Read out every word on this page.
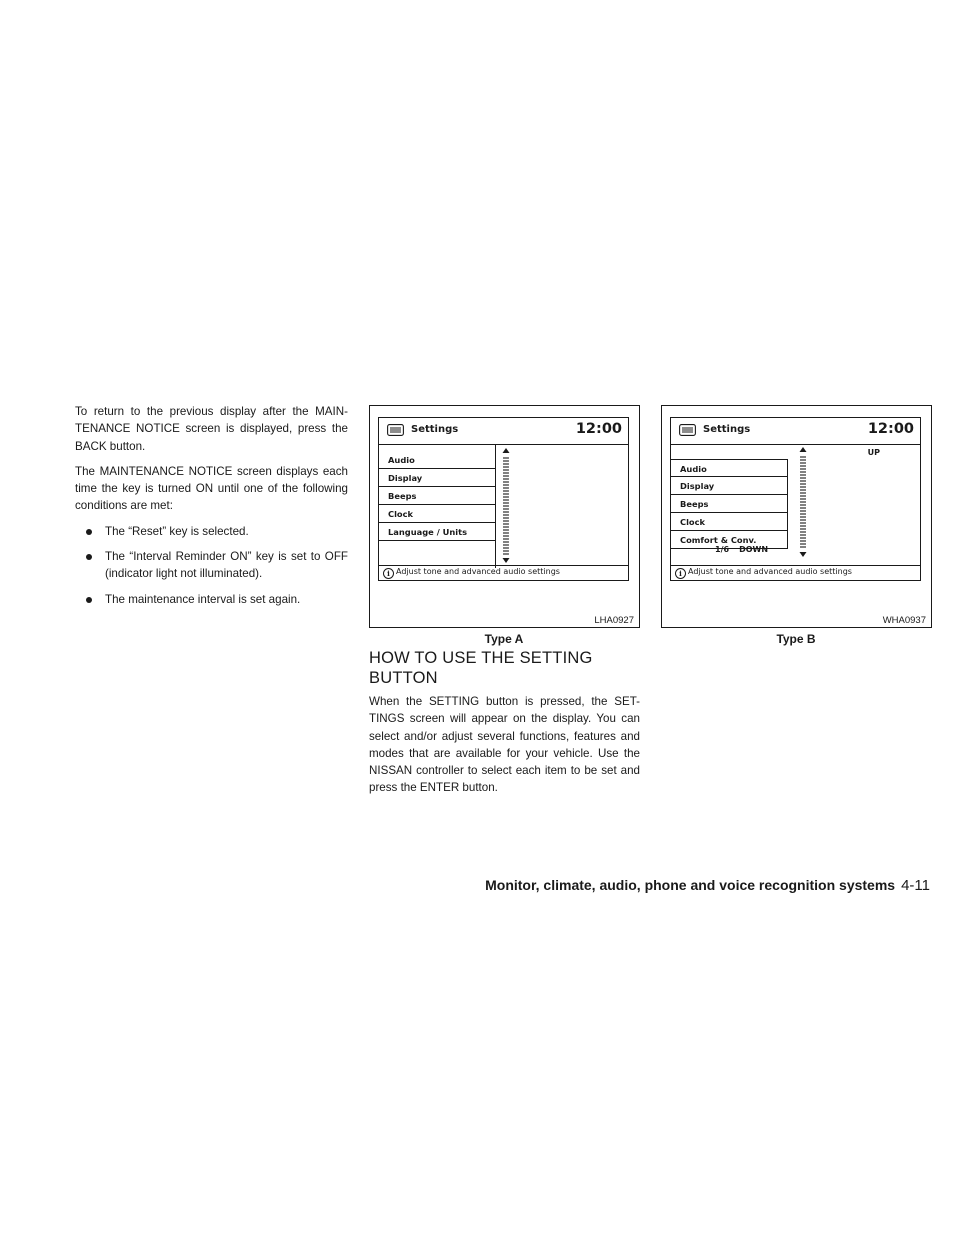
To return to the previous display after the MAIN-TENANCE NOTICE screen is displayed, press the BACK button.

The MAINTENANCE NOTICE screen displays each time the key is turned ON until one of the following conditions are met:

The “Reset” key is selected.
The “Interval Reminder ON” key is set to OFF (indicator light not illuminated).
The maintenance interval is set again.
Settings	12:00
Audio
Display
Beeps
Clock
Language / Units
i Adjust tone and advanced audio settings
LHA0927
Type A
Settings	12:00
UP
Audio
Display
Beeps
Clock
Comfort & Conv.
1/6 DOWN
i Adjust tone and advanced audio settings
WHA0937
Type B
HOW TO USE THE SETTING BUTTON

When the SETTING button is pressed, the SET-TINGS screen will appear on the display. You can select and/or adjust several functions, features and modes that are available for your vehicle. Use the NISSAN controller to select each item to be set and press the ENTER button.

Monitor, climate, audio, phone and voice recognition systems 4-11
